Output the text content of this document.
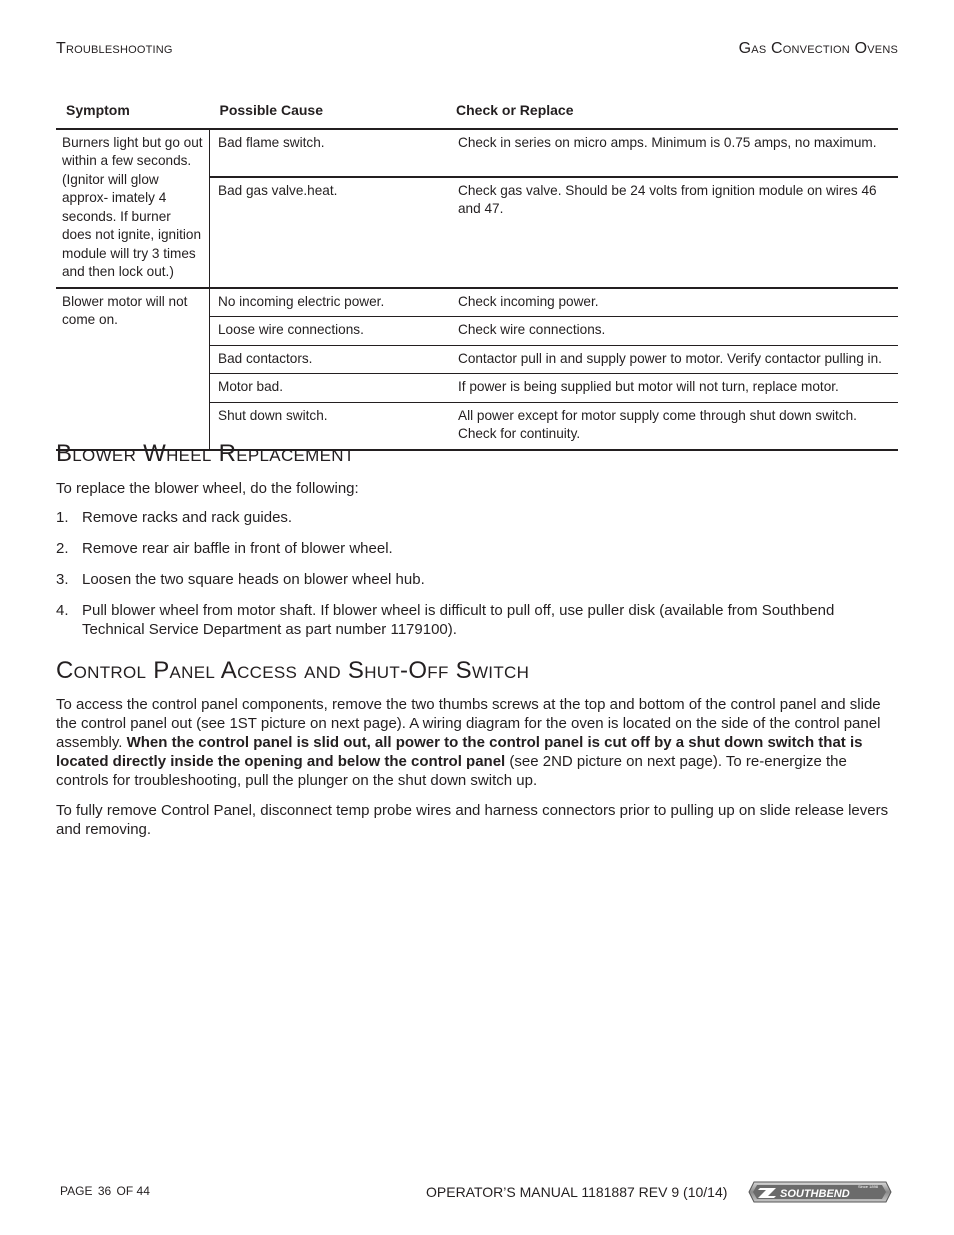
Troubleshooting	Gas Convection Ovens
Symptom	Possible Cause	Check or Replace
Burners light but go out within a few seconds. (Ignitor will glow approx- imately 4 seconds. If burner does not ignite, ignition module will try 3 times and then lock out.)	Bad flame switch.	Check in series on micro amps. Minimum is 0.75 amps, no maximum.
	Bad gas valve.heat.	Check gas valve. Should be 24 volts from ignition module on wires 46 and 47.
Blower motor will not come on.	No incoming electric power.	Check incoming power.
	Loose wire connections.	Check wire connections.
	Bad contactors.	Contactor pull in and supply power to motor. Verify contactor pulling in.
	Motor bad.	If power is being supplied but motor will not turn, replace motor.
	Shut down switch.	All power except for motor supply come through shut down switch. Check for continuity.
Blower Wheel Replacement

To replace the blower wheel, do the following:

1. Remove racks and rack guides.
2. Remove rear air baffle in front of blower wheel.
3. Loosen the two square heads on blower wheel hub.
4. Pull blower wheel from motor shaft. If blower wheel is difficult to pull off, use puller disk (available from Southbend Technical Service Department as part number 1179100).
Control Panel Access and Shut-Off Switch

To access the control panel components, remove the two thumbs screws at the top and bottom of the control panel and slide the control panel out (see 1ST picture on next page). A wiring diagram for the oven is located on the side of the control panel assembly. When the control panel is slid out, all power to the control panel is cut off by a shut down switch that is located directly inside the opening and below the control panel (see 2ND picture on next page). To re-energize the controls for troubleshooting, pull the plunger on the shut down switch up.

To fully remove Control Panel, disconnect temp probe wires and harness connectors prior to pulling up on slide release levers and removing.

PAGE 36 OF 44	OPERATOR’S MANUAL 1181887 REV 9 (10/14)	SOUTHBEND
Since 1898
